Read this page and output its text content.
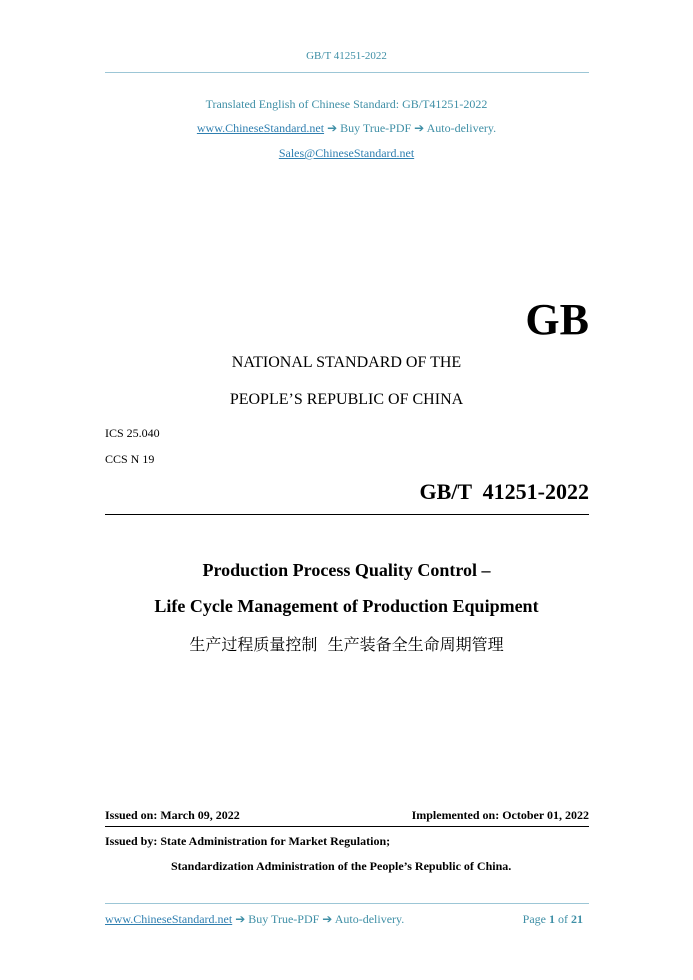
GB/T 41251-2022
Translated English of Chinese Standard: GB/T41251-2022
www.ChineseStandard.net ➔ Buy True-PDF ➔ Auto-delivery.
Sales@ChineseStandard.net
GB
NATIONAL STANDARD OF THE
PEOPLE’S REPUBLIC OF CHINA
ICS 25.040
CCS N 19
GB/T  41251-2022
Production Process Quality Control –
Life Cycle Management of Production Equipment
生产过程质量控制  生产装备全生命周期管理
Issued on: March 09, 2022	Implemented on: October 01, 2022
Issued by: State Administration for Market Regulation;
Standardization Administration of the People’s Republic of China.
www.ChineseStandard.net ➔ Buy True-PDF ➔ Auto-delivery.	Page 1 of 21
